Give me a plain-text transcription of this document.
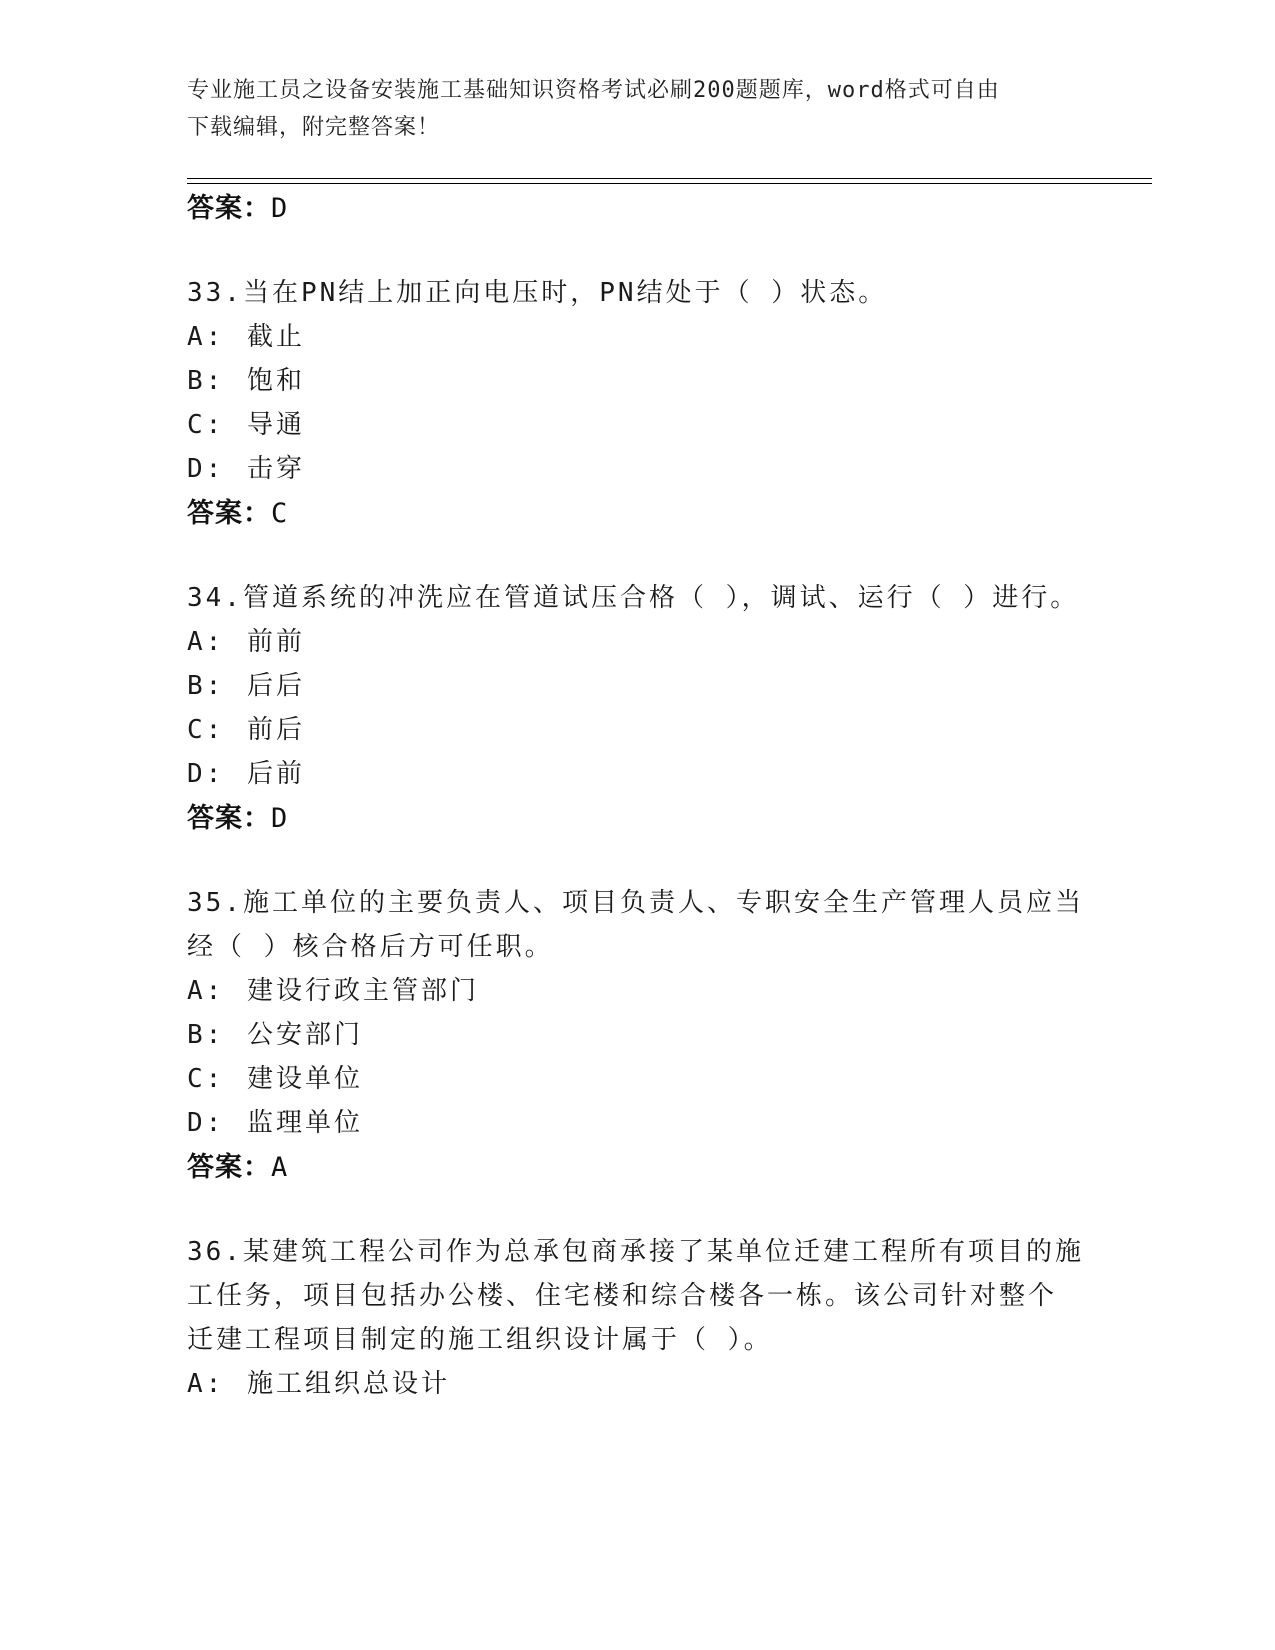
专业施工员之设备安装施工基础知识资格考试必刷200题题库，word格式可自由
下载编辑，附完整答案！
答案：D
33.当在PN结上加正向电压时，PN结处于（ ）状态。
A: 截止
B: 饱和
C: 导通
D: 击穿
答案：C
34.管道系统的冲洗应在管道试压合格（ ），调试、运行（ ）进行。
A: 前前
B: 后后
C: 前后
D: 后前
答案：D
35.施工单位的主要负责人、项目负责人、专职安全生产管理人员应当
经（ ）核合格后方可任职。
A: 建设行政主管部门
B: 公安部门
C: 建设单位
D: 监理单位
答案：A
36.某建筑工程公司作为总承包商承接了某单位迁建工程所有项目的施
工任务，项目包括办公楼、住宅楼和综合楼各一栋。该公司针对整个
迁建工程项目制定的施工组织设计属于（ ）。
A: 施工组织总设计
